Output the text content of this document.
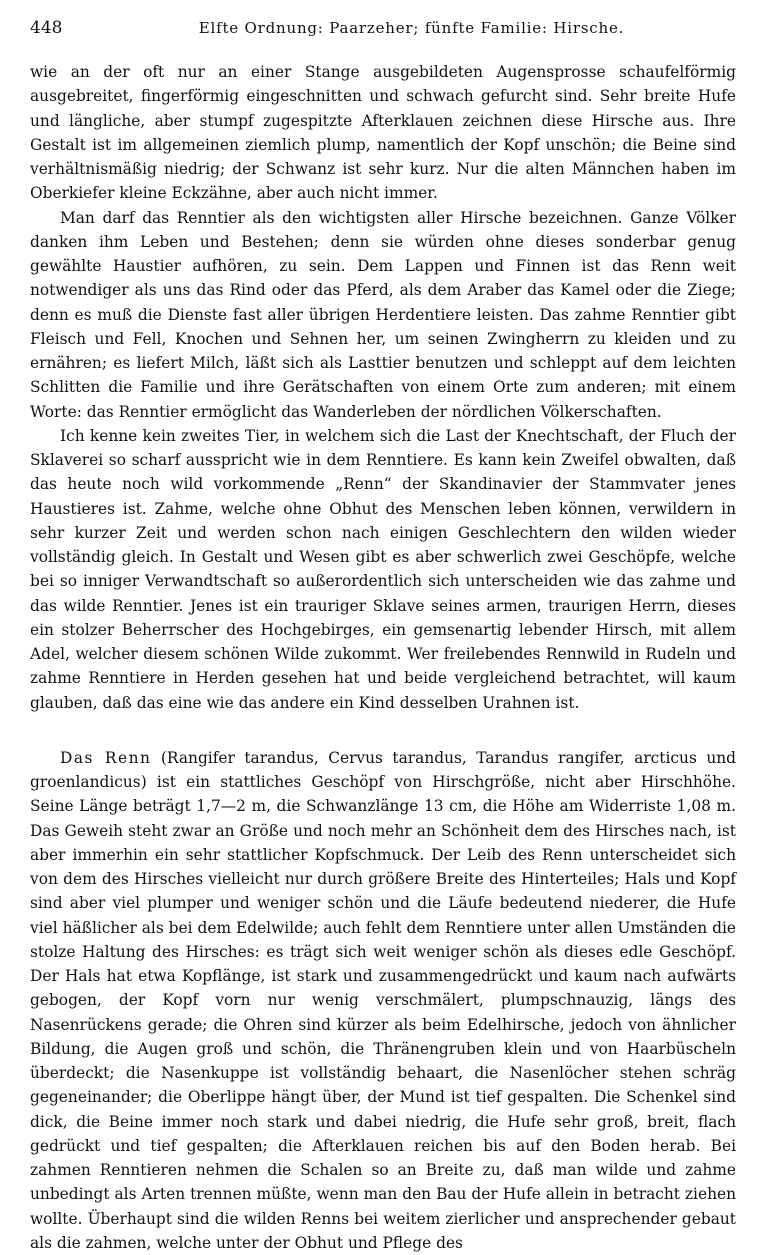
448	Elfte Ordnung: Paarzeher; fünfte Familie: Hirsche.

wie an der oft nur an einer Stange ausgebildeten Augensprosse schaufelförmig ausgebreitet, fingerförmig eingeschnitten und schwach gefurcht sind. Sehr breite Hufe und längliche, aber stumpf zugespitzte Afterklauen zeichnen diese Hirsche aus. Ihre Gestalt ist im allgemeinen ziemlich plump, namentlich der Kopf unschön; die Beine sind verhältnismäßig niedrig; der Schwanz ist sehr kurz. Nur die alten Männchen haben im Oberkiefer kleine Eckzähne, aber auch nicht immer.

Man darf das Renntier als den wichtigsten aller Hirsche bezeichnen. Ganze Völker danken ihm Leben und Bestehen; denn sie würden ohne dieses sonderbar genug gewählte Haustier aufhören, zu sein. Dem Lappen und Finnen ist das Renn weit notwendiger als uns das Rind oder das Pferd, als dem Araber das Kamel oder die Ziege; denn es muß die Dienste fast aller übrigen Herdentiere leisten. Das zahme Renntier gibt Fleisch und Fell, Knochen und Sehnen her, um seinen Zwingherrn zu kleiden und zu ernähren; es liefert Milch, läßt sich als Lasttier benutzen und schleppt auf dem leichten Schlitten die Familie und ihre Gerätschaften von einem Orte zum anderen; mit einem Worte: das Renntier ermöglicht das Wanderleben der nördlichen Völkerschaften.

Ich kenne kein zweites Tier, in welchem sich die Last der Knechtschaft, der Fluch der Sklaverei so scharf ausspricht wie in dem Renntiere. Es kann kein Zweifel obwalten, daß das heute noch wild vorkommende „Renn“ der Skandinavier der Stammvater jenes Haustieres ist. Zahme, welche ohne Obhut des Menschen leben können, verwildern in sehr kurzer Zeit und werden schon nach einigen Geschlechtern den wilden wieder vollständig gleich. In Gestalt und Wesen gibt es aber schwerlich zwei Geschöpfe, welche bei so inniger Verwandtschaft so außerordentlich sich unterscheiden wie das zahme und das wilde Renntier. Jenes ist ein trauriger Sklave seines armen, traurigen Herrn, dieses ein stolzer Beherrscher des Hochgebirges, ein gemsenartig lebender Hirsch, mit allem Adel, welcher diesem schönen Wilde zukommt. Wer freilebendes Rennwild in Rudeln und zahme Renntiere in Herden gesehen hat und beide vergleichend betrachtet, will kaum glauben, daß das eine wie das andere ein Kind desselben Urahnen ist.

Das Renn (Rangifer tarandus, Cervus tarandus, Tarandus rangifer, arcticus und groenlandicus) ist ein stattliches Geschöpf von Hirschgröße, nicht aber Hirschhöhe. Seine Länge beträgt 1,7—2 m, die Schwanzlänge 13 cm, die Höhe am Widerriste 1,08 m. Das Geweih steht zwar an Größe und noch mehr an Schönheit dem des Hirsches nach, ist aber immerhin ein sehr stattlicher Kopfschmuck. Der Leib des Renn unterscheidet sich von dem des Hirsches vielleicht nur durch größere Breite des Hinterteiles; Hals und Kopf sind aber viel plumper und weniger schön und die Läufe bedeutend niederer, die Hufe viel häßlicher als bei dem Edelwilde; auch fehlt dem Renntiere unter allen Umständen die stolze Haltung des Hirsches: es trägt sich weit weniger schön als dieses edle Geschöpf. Der Hals hat etwa Kopflänge, ist stark und zusammengedrückt und kaum nach aufwärts gebogen, der Kopf vorn nur wenig verschmälert, plumpschnauzig, längs des Nasenrückens gerade; die Ohren sind kürzer als beim Edelhirsche, jedoch von ähnlicher Bildung, die Augen groß und schön, die Thränengruben klein und von Haarbüscheln überdeckt; die Nasenkuppe ist vollständig behaart, die Nasenlöcher stehen schräg gegeneinander; die Oberlippe hängt über, der Mund ist tief gespalten. Die Schenkel sind dick, die Beine immer noch stark und dabei niedrig, die Hufe sehr groß, breit, flach gedrückt und tief gespalten; die Afterklauen reichen bis auf den Boden herab. Bei zahmen Renntieren nehmen die Schalen so an Breite zu, daß man wilde und zahme unbedingt als Arten trennen müßte, wenn man den Bau der Hufe allein in betracht ziehen wollte. Überhaupt sind die wilden Renns bei weitem zierlicher und ansprechender gebaut als die zahmen, welche unter der Obhut und Pflege des
